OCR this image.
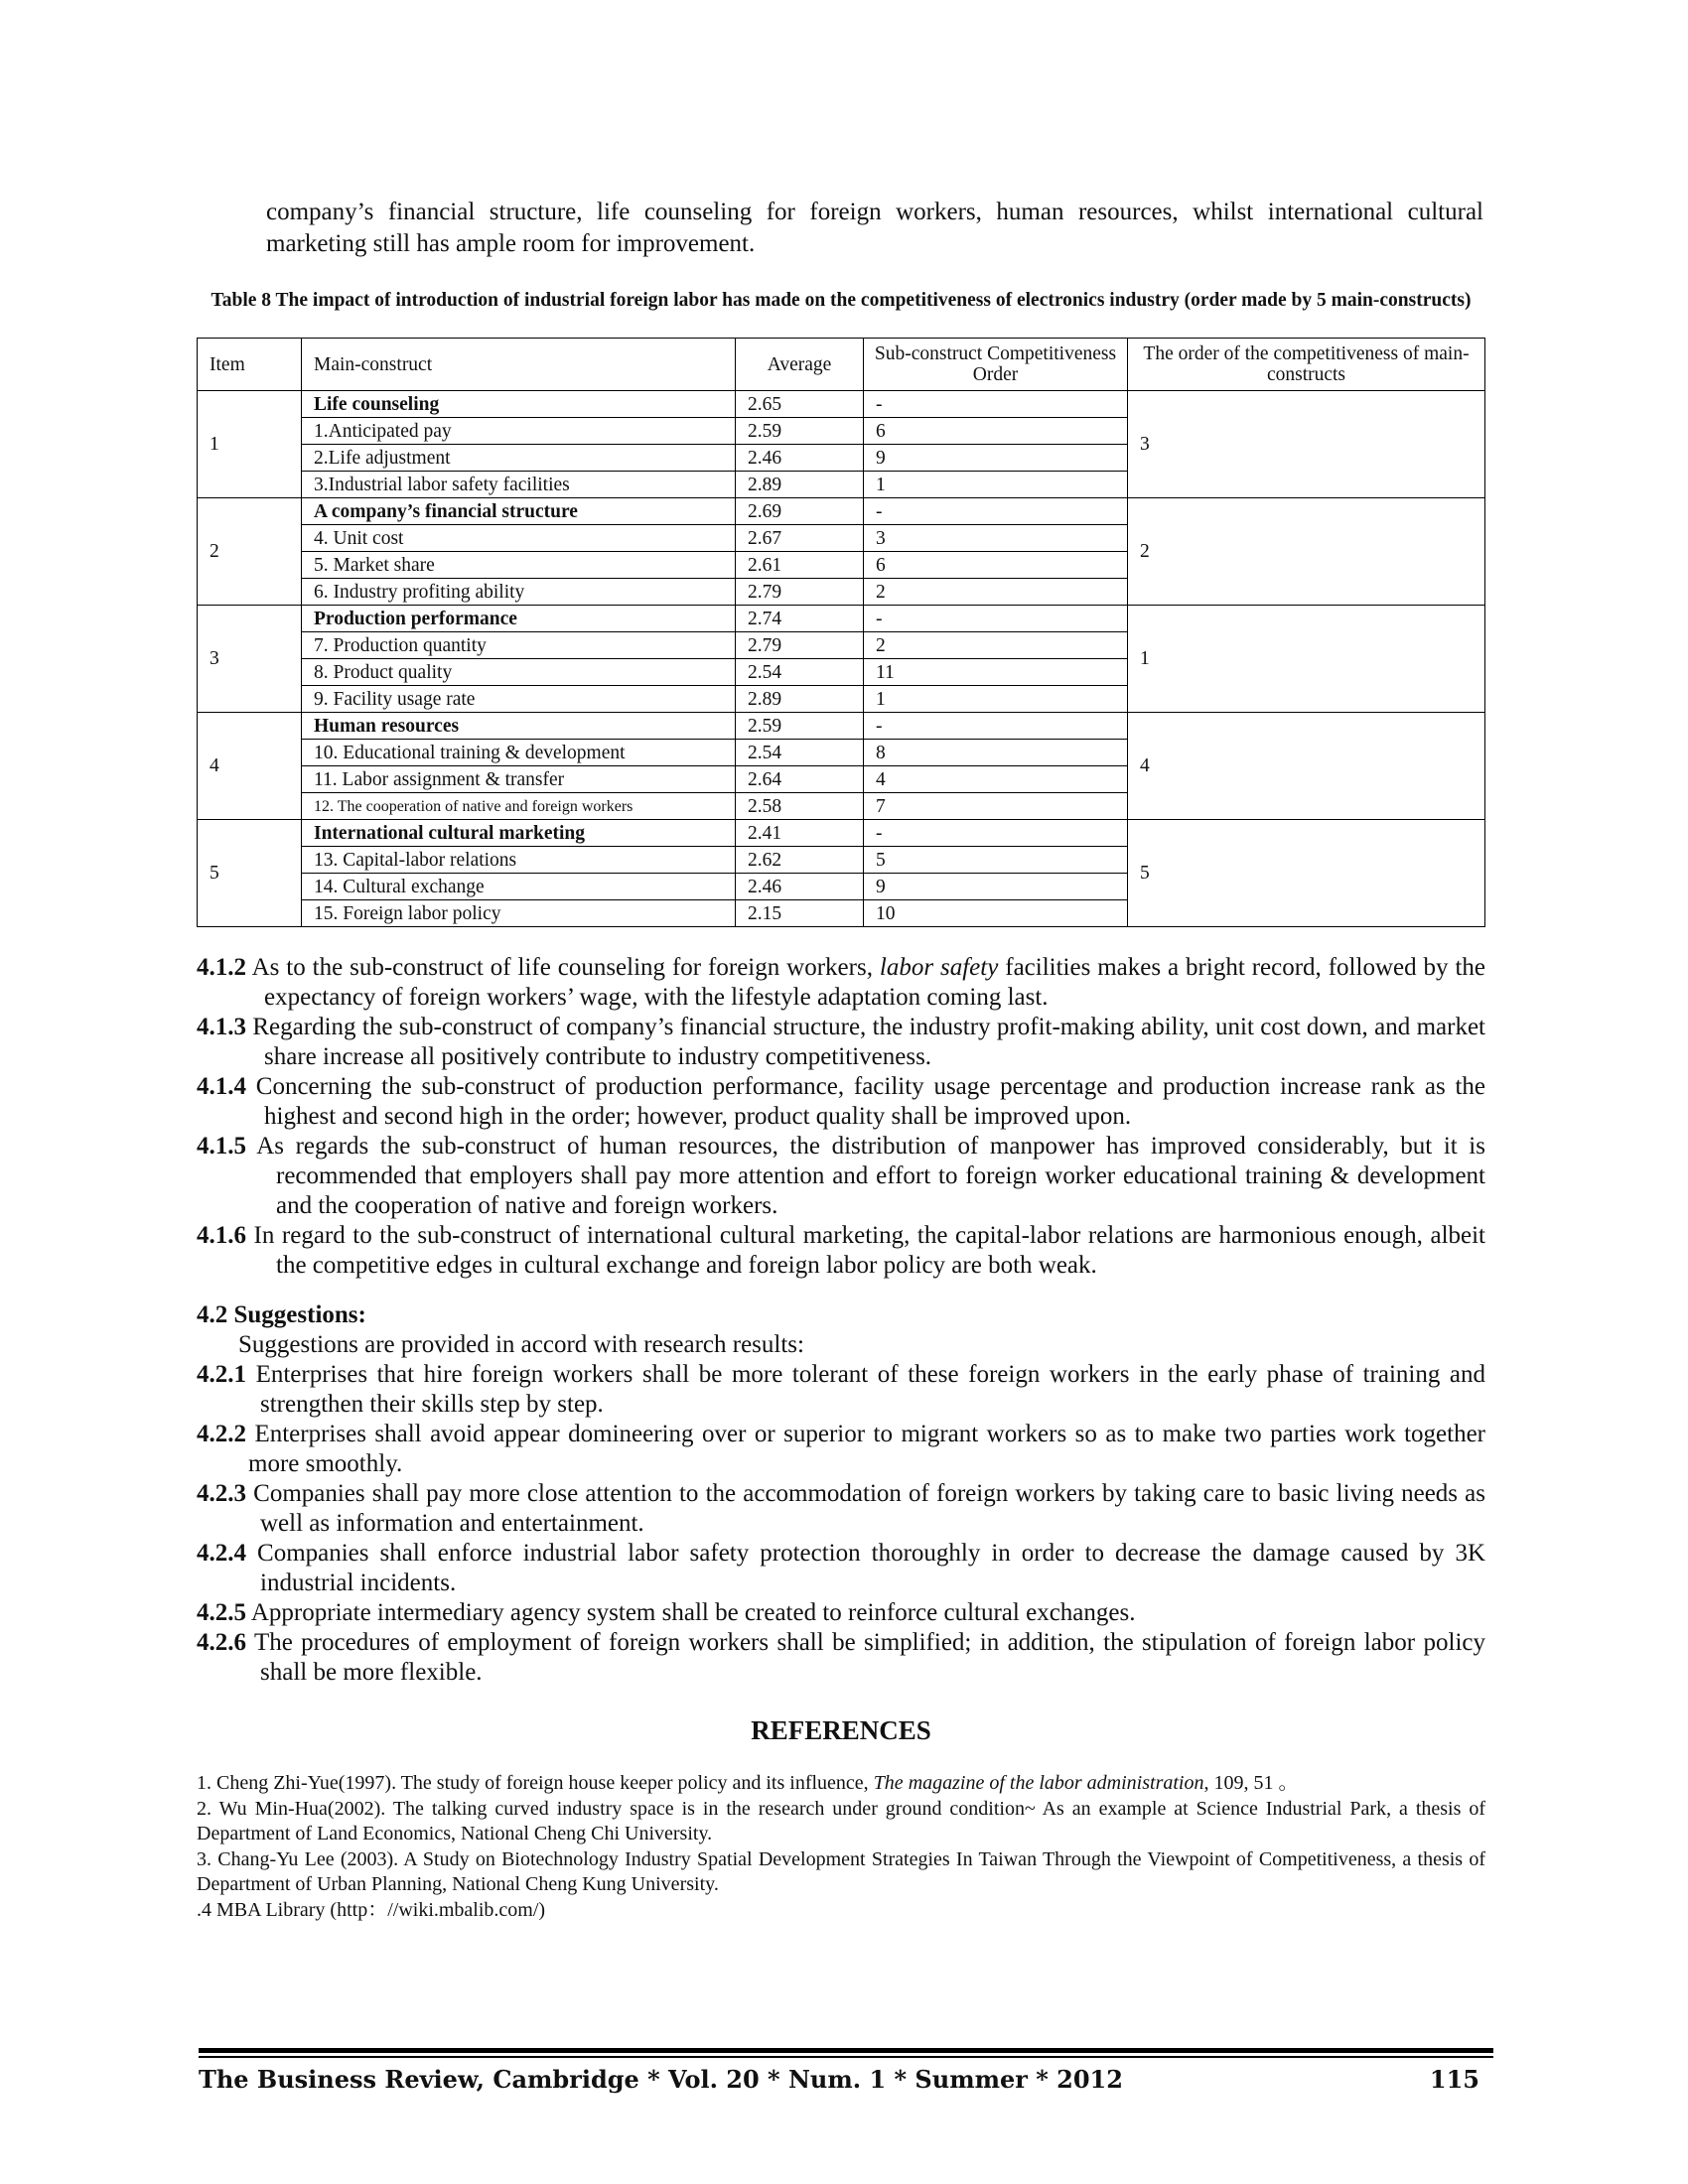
company’s financial structure, life counseling for foreign workers, human resources, whilst international cultural marketing still has ample room for improvement.
Table 8 The impact of introduction of industrial foreign labor has made on the competitiveness of electronics industry (order made by 5 main-constructs)
Item	Main-construct	Average	Sub-construct Competitiveness Order	The order of the competitiveness of main-constructs
1	Life counseling	2.65	-	3
	1.Anticipated pay	2.59	6	
	2.Life adjustment	2.46	9	
	3.Industrial labor safety facilities	2.89	1	
2	A company’s financial structure	2.69	-	2
	4. Unit cost	2.67	3	
	5. Market share	2.61	6	
	6. Industry profiting ability	2.79	2	
3	Production performance	2.74	-	1
	7. Production quantity	2.79	2	
	8. Product quality	2.54	11	
	9. Facility usage rate	2.89	1	
4	Human resources	2.59	-	4
	10. Educational training & development	2.54	8	
	11. Labor assignment & transfer	2.64	4	
	12. The cooperation of native and foreign workers	2.58	7	
5	International cultural marketing	2.41	-	5
	13. Capital-labor relations	2.62	5	
	14. Cultural exchange	2.46	9	
	15. Foreign labor policy	2.15	10	
4.1.2 As to the sub-construct of life counseling for foreign workers, labor safety facilities makes a bright record, followed by the expectancy of foreign workers’ wage, with the lifestyle adaptation coming last.
4.1.3 Regarding the sub-construct of company’s financial structure, the industry profit-making ability, unit cost down, and market share increase all positively contribute to industry competitiveness.
4.1.4 Concerning the sub-construct of production performance, facility usage percentage and production increase rank as the highest and second high in the order; however, product quality shall be improved upon.
4.1.5 As regards the sub-construct of human resources, the distribution of manpower has improved considerably, but it is recommended that employers shall pay more attention and effort to foreign worker educational training & development and the cooperation of native and foreign workers.
4.1.6 In regard to the sub-construct of international cultural marketing, the capital-labor relations are harmonious enough, albeit the competitive edges in cultural exchange and foreign labor policy are both weak.
4.2 Suggestions:
Suggestions are provided in accord with research results:
4.2.1 Enterprises that hire foreign workers shall be more tolerant of these foreign workers in the early phase of training and strengthen their skills step by step.
4.2.2 Enterprises shall avoid appear domineering over or superior to migrant workers so as to make two parties work together more smoothly.
4.2.3 Companies shall pay more close attention to the accommodation of foreign workers by taking care to basic living needs as well as information and entertainment.
4.2.4 Companies shall enforce industrial labor safety protection thoroughly in order to decrease the damage caused by 3K industrial incidents.
4.2.5 Appropriate intermediary agency system shall be created to reinforce cultural exchanges.
4.2.6 The procedures of employment of foreign workers shall be simplified; in addition, the stipulation of foreign labor policy shall be more flexible.
REFERENCES

1. Cheng Zhi-Yue(1997). The study of foreign house keeper policy and its influence, The magazine of the labor administration, 109, 51 。

2. Wu Min-Hua(2002). The talking curved industry space is in the research under ground condition~ As an example at Science Industrial Park, a thesis of Department of Land Economics, National Cheng Chi University.

3. Chang-Yu Lee (2003). A Study on Biotechnology Industry Spatial Development Strategies In Taiwan Through the Viewpoint of Competitiveness, a thesis of Department of Urban Planning, National Cheng Kung University.

.4 MBA Library (http：//wiki.mbalib.com/)

The Business Review, Cambridge * Vol. 20 * Num. 1 * Summer * 2012	115
